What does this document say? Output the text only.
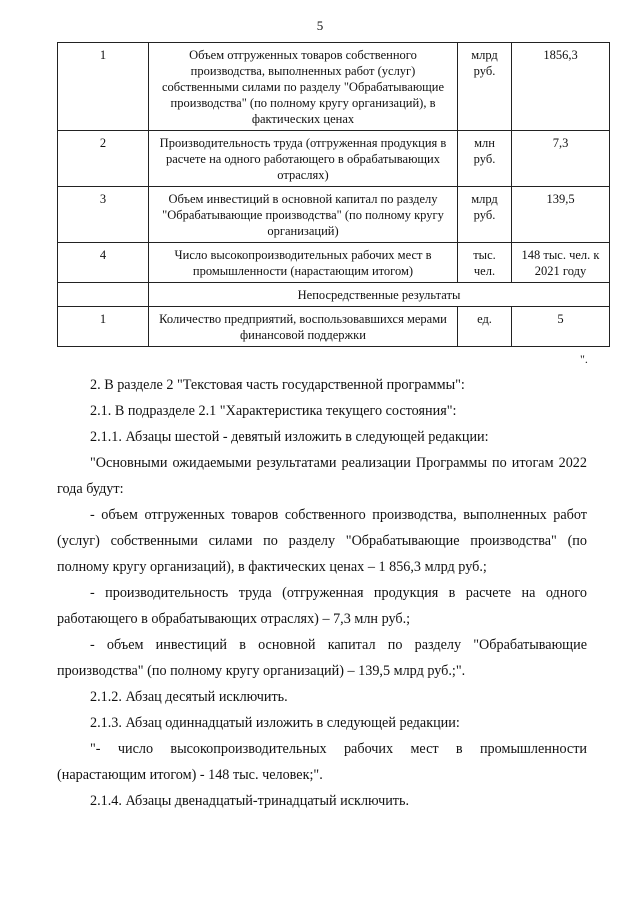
5
1	Объем отгруженных товаров собственного производства, выполненных работ (услуг) собственными силами по разделу "Обрабатывающие производства" (по полному кругу организаций), в фактических ценах	млрд руб.	1856,3
2	Производительность труда (отгруженная продукция в расчете на одного работающего в обрабатывающих отраслях)	млн руб.	7,3
3	Объем инвестиций в основной капитал по разделу "Обрабатывающие производства" (по полному кругу организаций)	млрд руб.	139,5
4	Число высокопроизводительных рабочих мест в промышленности (нарастающим итогом)	тыс. чел.	148 тыс. чел. к 2021 году
	Непосредственные результаты		
1	Количество предприятий, воспользовавшихся мерами финансовой поддержки	ед.	5
".

2. В разделе 2 "Текстовая часть государственной программы":

2.1. В подразделе 2.1 "Характеристика текущего состояния":

2.1.1. Абзацы шестой - девятый изложить в следующей редакции:

"Основными ожидаемыми результатами реализации Программы по итогам 2022 года будут:

- объем отгруженных товаров собственного производства, выполненных работ (услуг) собственными силами по разделу "Обрабатывающие производства" (по полному кругу организаций), в фактических ценах – 1 856,3 млрд руб.;

- производительность труда (отгруженная продукция в расчете на одного работающего в обрабатывающих отраслях) – 7,3 млн руб.;

- объем инвестиций в основной капитал по разделу "Обрабатывающие производства" (по полному кругу организаций) – 139,5 млрд руб.;".

2.1.2. Абзац десятый исключить.

2.1.3. Абзац одиннадцатый изложить в следующей редакции:

"- число высокопроизводительных рабочих мест в промышленности (нарастающим итогом) - 148 тыс. человек;".

2.1.4. Абзацы двенадцатый-тринадцатый исключить.
